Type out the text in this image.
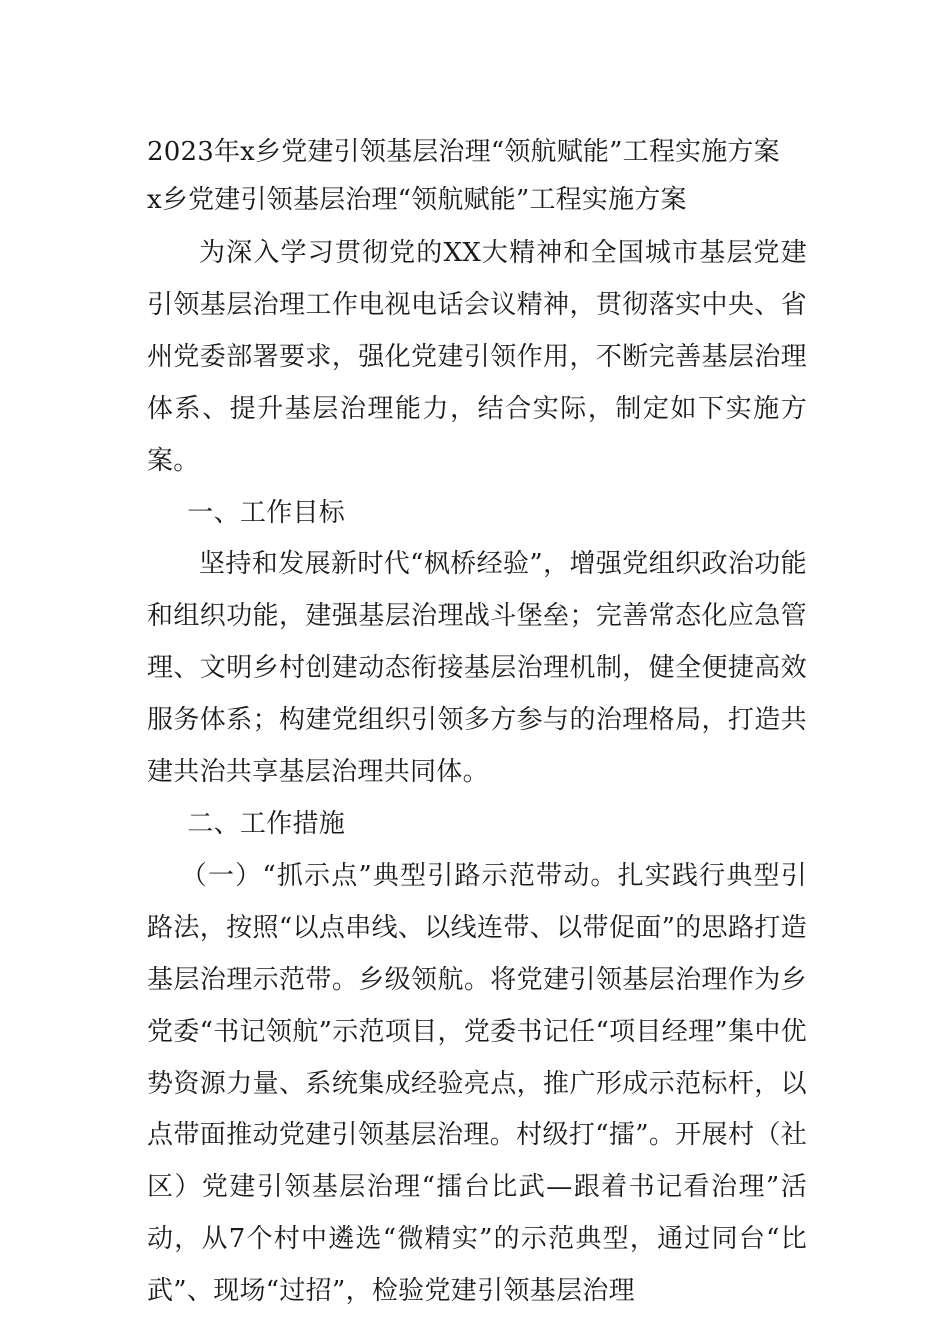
2023年x乡党建引领基层治理“领航赋能”工程实施方案
x乡党建引领基层治理“领航赋能”工程实施方案

为深入学习贯彻党的XX大精神和全国城市基层党建引领基层治理工作电视电话会议精神，贯彻落实中央、省州党委部署要求，强化党建引领作用，不断完善基层治理体系、提升基层治理能力，结合实际，制定如下实施方案。

一、工作目标

坚持和发展新时代“枫桥经验”，增强党组织政治功能和组织功能，建强基层治理战斗堡垒；完善常态化应急管理、文明乡村创建动态衔接基层治理机制，健全便捷高效服务体系；构建党组织引领多方参与的治理格局，打造共建共治共享基层治理共同体。

二、工作措施

（一）“抓示点”典型引路示范带动。扎实践行典型引路法，按照“以点串线、以线连带、以带促面”的思路打造基层治理示范带。乡级领航。将党建引领基层治理作为乡党委“书记领航”示范项目，党委书记任“项目经理”集中优势资源力量、系统集成经验亮点，推广形成示范标杆，以点带面推动党建引领基层治理。村级打“擂”。开展村（社区）党建引领基层治理“擂台比武—跟着书记看治理”活动，从7个村中遴选“微精实”的示范典型，通过同台“比武”、现场“过招”，检验党建引领基层治理
